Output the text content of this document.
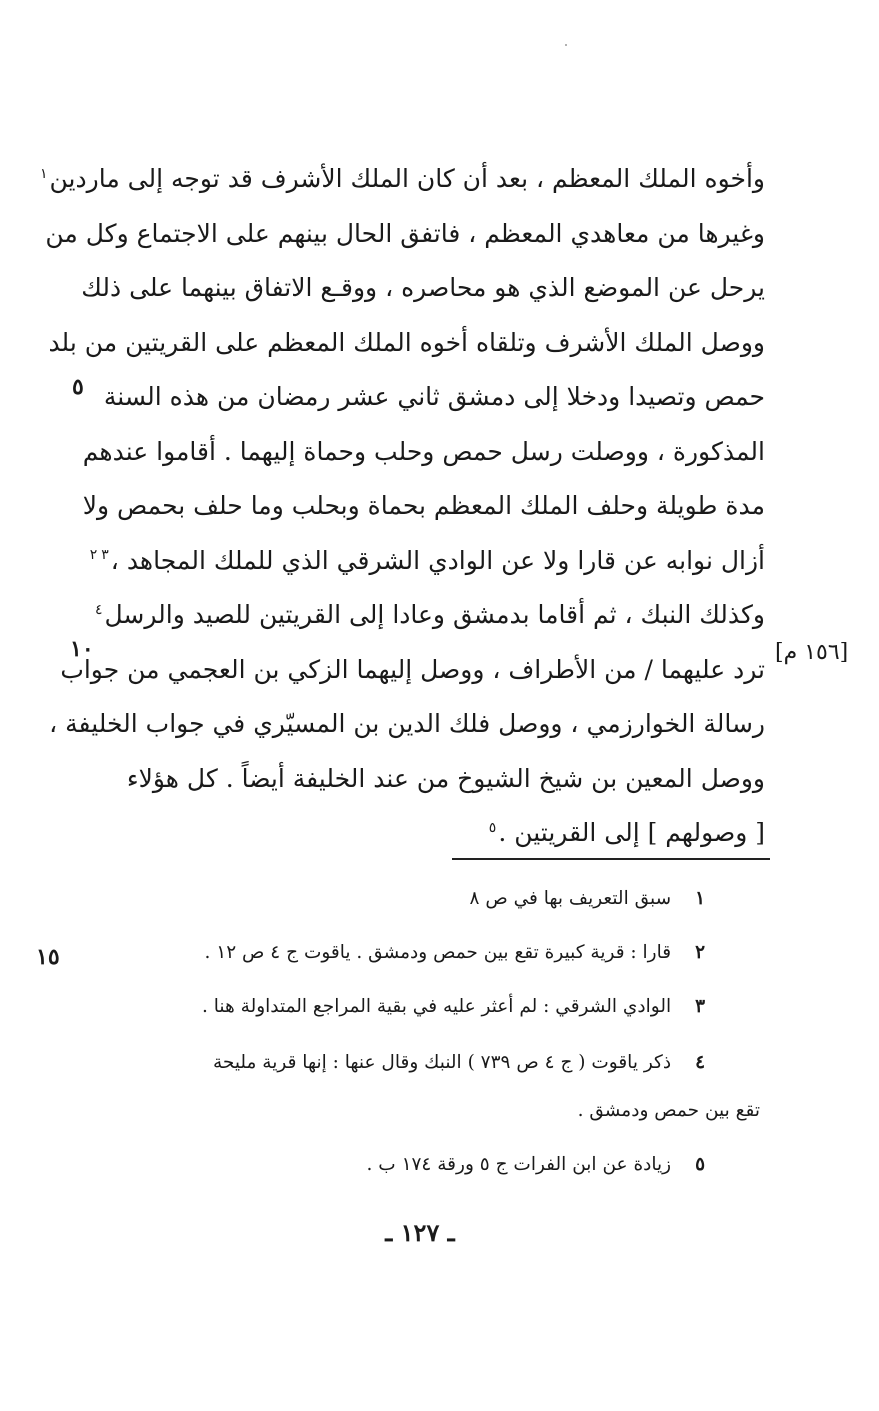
وأخوه الملك المعظم ، بعد أن كان الملك الأشرف قد توجه إلى ماردين$^١$
وغيرها من معاهدي المعظم ، فاتفق الحال بينهم على الاجتماع وكل من
يرحل عن الموضع الذي هو محاصره ، ووقـع الاتفاق بينهما على ذلك
ووصل الملك الأشرف وتلقاه أخوه الملك المعظم على القريتين من بلد
حمص وتصيدا ودخلا إلى دمشق ثاني عشر رمضان من هذه السنة
المذكورة ، ووصلت رسل حمص وحلب وحماة إليهما . أقاموا عندهم
مدة طويلة وحلف الملك المعظم بحماة وبحلب وما حلف بحمص ولا
أزال نوابه عن قارا ولا عن الوادي الشرقي الذي للملك المجاهد ،$^٢$ $^٣$
وكذلك النبك ، ثم أقاما بدمشق وعادا إلى القريتين للصيد والرسل$^٤$
ترد عليهما / من الأطراف ، ووصل إليهما الزكي بن العجمي من جواب
رسالة الخوارزمي ، ووصل فلك الدين بن المسيّري في جواب الخليفة ،
ووصل المعين بن شيخ الشيوخ من عند الخليفة أيضاً . كل هؤلاء
[ وصولهم ] إلى القريتين .$^٥$
٥
١٠
١٥
[١٥٦ م]
١ سبق التعريف بها في ص ٨
٢ قارا : قرية كبيرة تقع بين حمص ودمشق . ياقوت ج ٤ ص ١٢ .
٣ الوادي الشرقي : لم أعثر عليه في بقية المراجع المتداولة هنا .
٤ ذكر ياقوت ( ج ٤ ص ٧٣٩ ) النبك وقال عنها : إنها قرية مليحة
تقع بين حمص ودمشق .
٥ زيادة عن ابن الفرات ج ٥ ورقة ١٧٤ ب .
ـ ١٢٧ ـ
